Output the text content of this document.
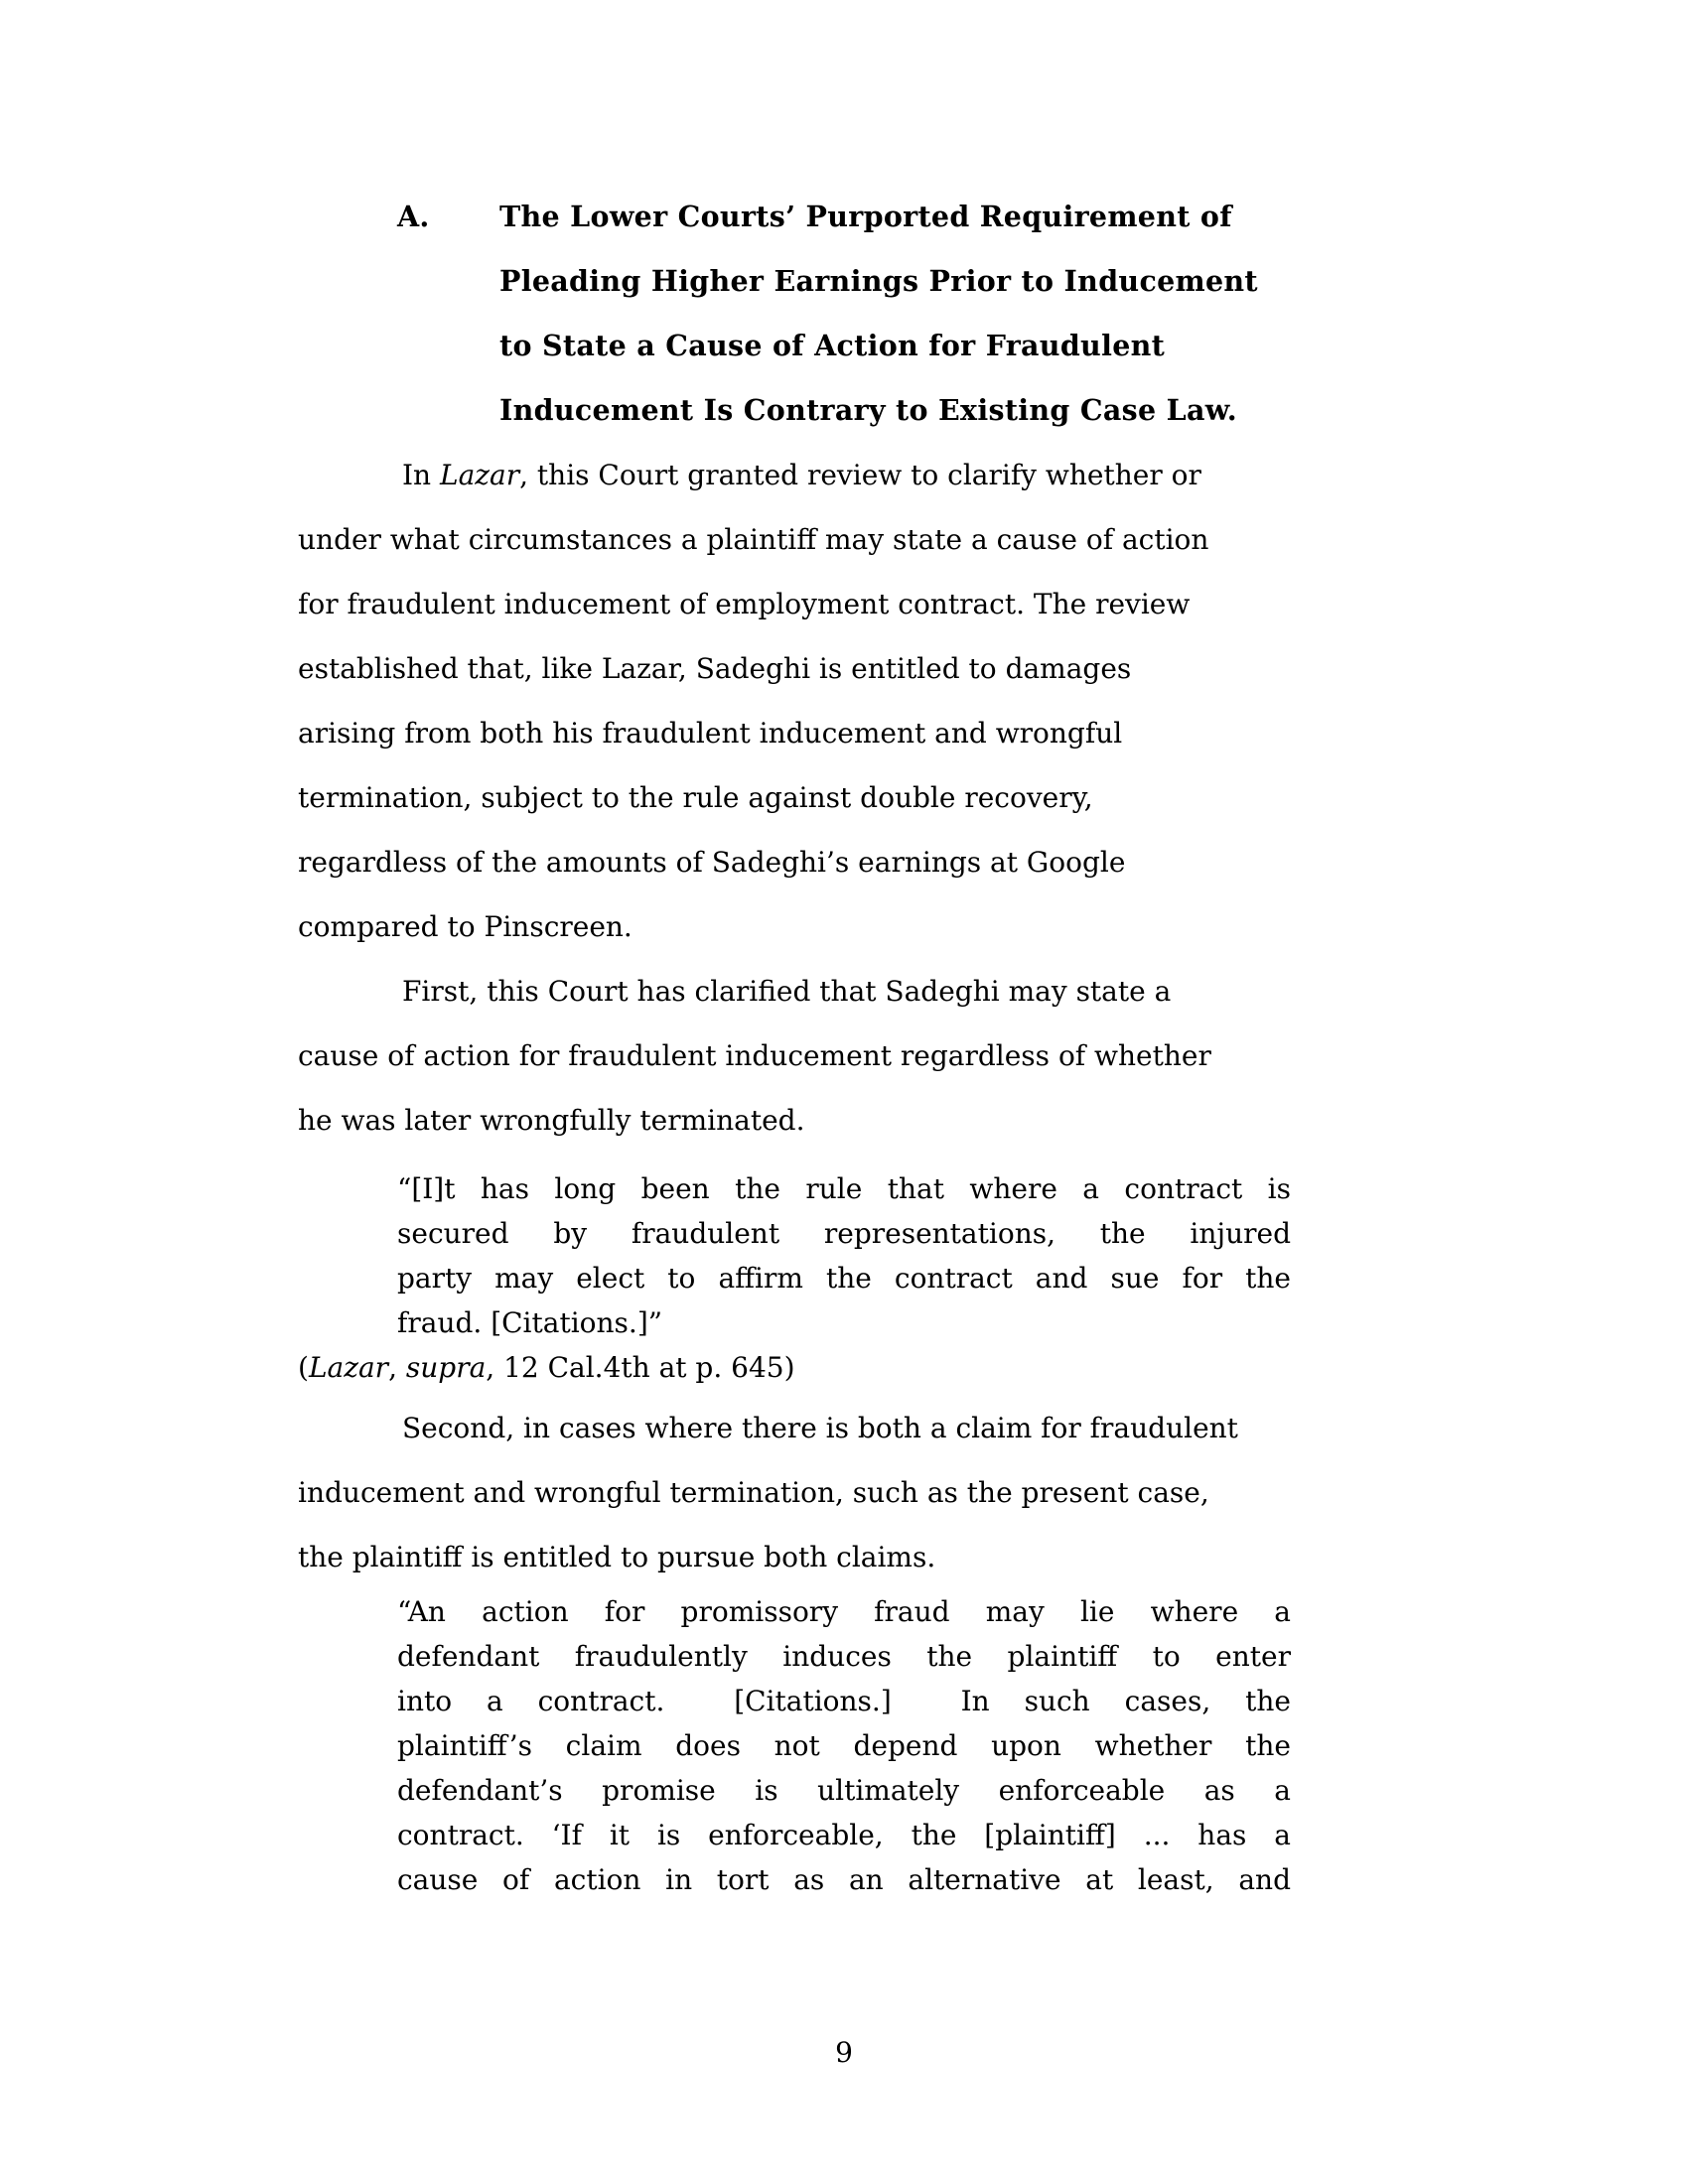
A. The Lower Courts’ Purported Requirement of
Pleading Higher Earnings Prior to Inducement
to State a Cause of Action for Fraudulent
Inducement Is Contrary to Existing Case Law.
In Lazar, this Court granted review to clarify whether or
under what circumstances a plaintiff may state a cause of action
for fraudulent inducement of employment contract. The review
established that, like Lazar, Sadeghi is entitled to damages
arising from both his fraudulent inducement and wrongful
termination, subject to the rule against double recovery,
regardless of the amounts of Sadeghi’s earnings at Google
compared to Pinscreen.
First, this Court has clarified that Sadeghi may state a
cause of action for fraudulent inducement regardless of whether
he was later wrongfully terminated.
“[I]t has long been the rule that where a contract is
secured by fraudulent representations, the injured
party may elect to affirm the contract and sue for the
fraud. [Citations.]”
(Lazar, supra, 12 Cal.4th at p. 645)
Second, in cases where there is both a claim for fraudulent
inducement and wrongful termination, such as the present case,
the plaintiff is entitled to pursue both claims.
“An action for promissory fraud may lie where a
defendant fraudulently induces the plaintiff to enter
into a contract.  [Citations.]  In such cases, the
plaintiff’s claim does not depend upon whether the
defendant’s promise is ultimately enforceable as a
contract. ‘If it is enforceable, the [plaintiff] ... has a
cause of action in tort as an alternative at least, and
9
